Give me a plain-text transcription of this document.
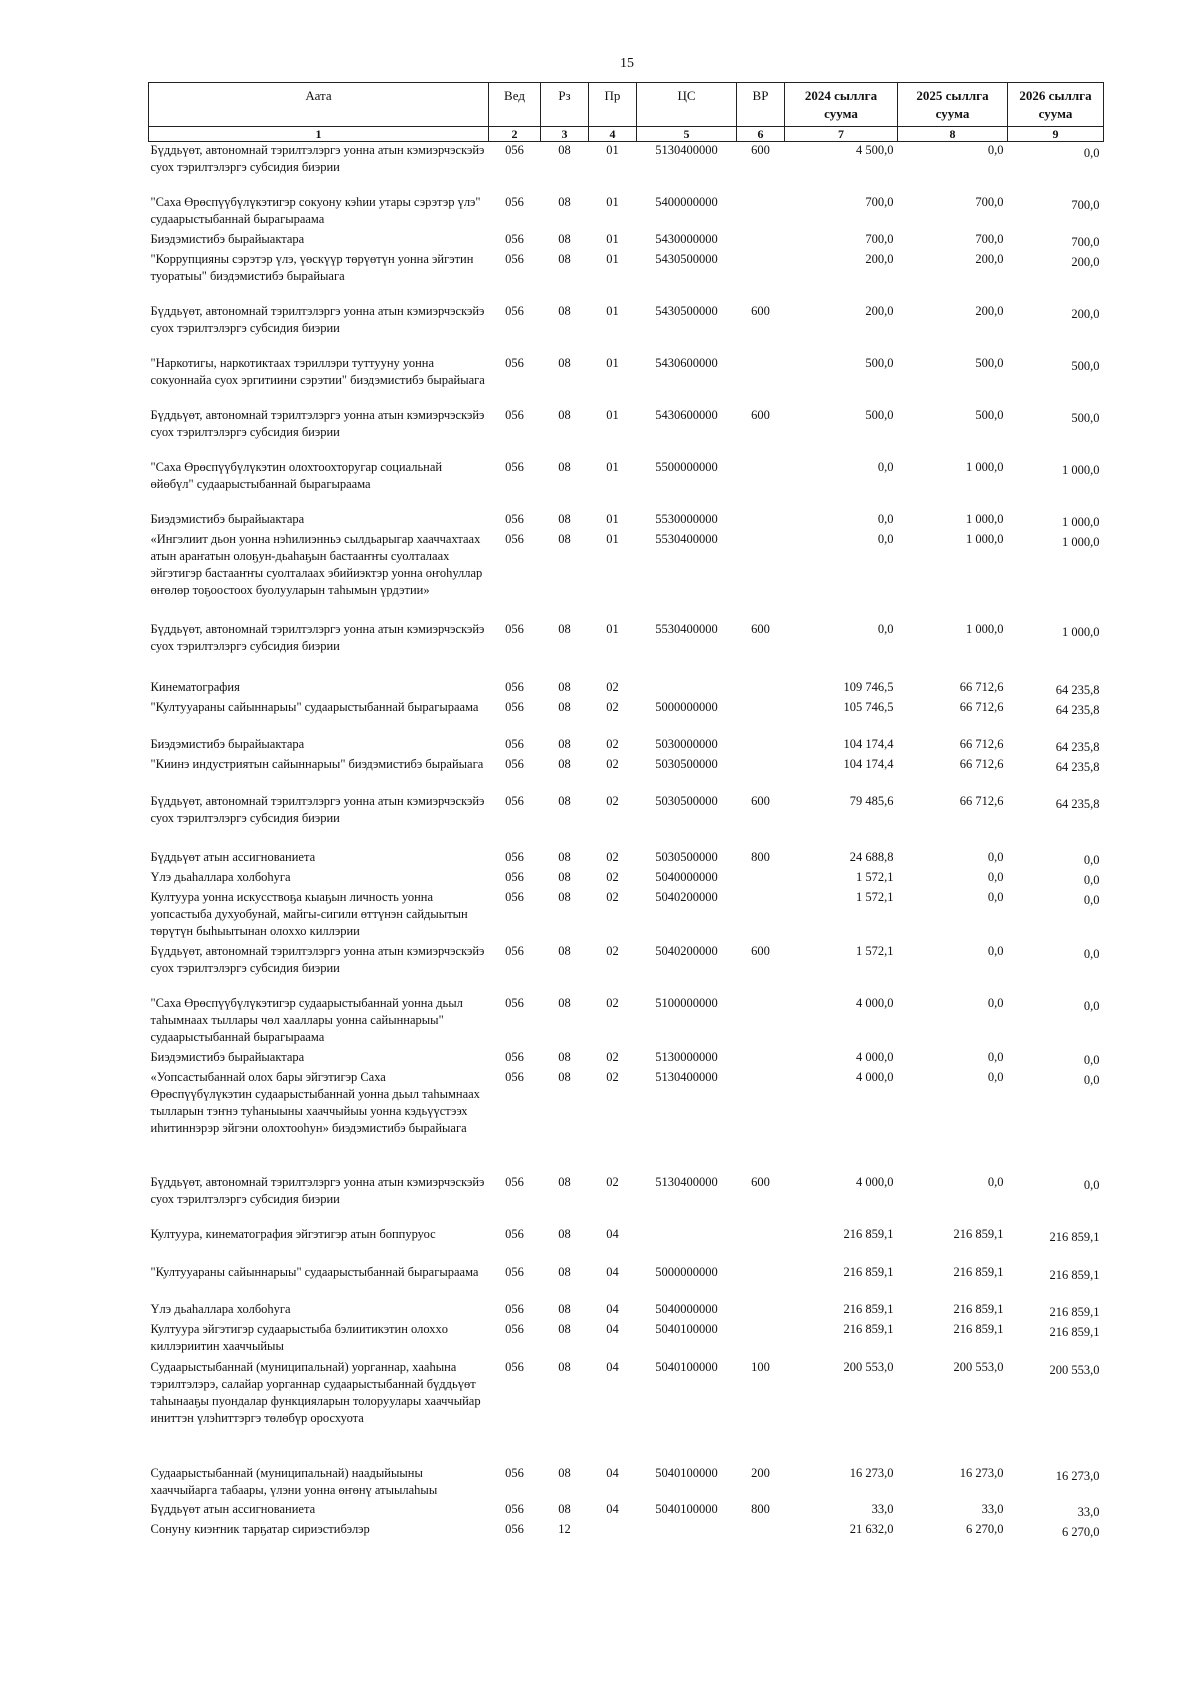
15
Аата	Вед	Рз	Пр	ЦС	ВР	2024 сыллга суума	2025 сыллга суума	2026 сыллга суума
1	2	3	4	5	6	7	8	9
Бүддьүөт, автономнай тэрилтэлэргэ уонна атын кэмиэрчэскэйэ суох тэрилтэлэргэ субсидия биэрии	056	08	01	5130400000	600	4 500,0	0,0	0,0
"Саха Өрөспүүбүлүкэтигэр сокуону кэһии утары сэрэтэр үлэ" судаарыстыбаннай бырагыраама	056	08	01	5400000000		700,0	700,0	700,0
Биэдэмистибэ бырайыактара	056	08	01	5430000000		700,0	700,0	700,0
"Коррупцияны сэрэтэр үлэ, үөскүүр төрүөтүн уонна эйгэтин туоратыы" биэдэмистибэ бырайыага	056	08	01	5430500000		200,0	200,0	200,0
Бүддьүөт, автономнай тэрилтэлэргэ уонна атын кэмиэрчэскэйэ суох тэрилтэлэргэ субсидия биэрии	056	08	01	5430500000	600	200,0	200,0	200,0
"Наркотигы, наркотиктаах тэриллэри туттууну уонна сокуоннайа суох эргитиини сэрэтии" биэдэмистибэ бырайыага	056	08	01	5430600000		500,0	500,0	500,0
Бүддьүөт, автономнай тэрилтэлэргэ уонна атын кэмиэрчэскэйэ суох тэрилтэлэргэ субсидия биэрии	056	08	01	5430600000	600	500,0	500,0	500,0
"Саха Өрөспүүбүлүкэтин олохтоохторугар социальнай өйөбүл" судаарыстыбаннай бырагыраама	056	08	01	5500000000		0,0	1 000,0	1 000,0
Биэдэмистибэ бырайыактара	056	08	01	5530000000		0,0	1 000,0	1 000,0
«Ингэлиит дьон уонна нэһилиэнньэ сылдьарыгар хааччахтаах атын араҥатын олоҕун-дьаһаҕын бастааҥҥы суолталаах эйгэтигэр бастааҥҥы суолталаах эбийиэктэр уонна оҥоһуллар өҥөлөр тоҕоостоох буолууларын таһымын үрдэтии»	056	08	01	5530400000		0,0	1 000,0	1 000,0
Бүддьүөт, автономнай тэрилтэлэргэ уонна атын кэмиэрчэскэйэ суох тэрилтэлэргэ субсидия биэрии	056	08	01	5530400000	600	0,0	1 000,0	1 000,0
Кинематография	056	08	02			109 746,5	66 712,6	64 235,8
"Култууараны сайыннарыы" судаарыстыбаннай бырагыраама	056	08	02	5000000000		105 746,5	66 712,6	64 235,8
Биэдэмистибэ бырайыактара	056	08	02	5030000000		104 174,4	66 712,6	64 235,8
"Киинэ индустриятын сайыннарыы" биэдэмистибэ бырайыага	056	08	02	5030500000		104 174,4	66 712,6	64 235,8
Бүддьүөт, автономнай тэрилтэлэргэ уонна атын кэмиэрчэскэйэ суох тэрилтэлэргэ субсидия биэрии	056	08	02	5030500000	600	79 485,6	66 712,6	64 235,8
Бүддьүөт атын ассигнованиета	056	08	02	5030500000	800	24 688,8	0,0	0,0
Үлэ дьаһаллара холбоһуга	056	08	02	5040000000		1 572,1	0,0	0,0
Култуура уонна искусствоҕа кыаҕын личность уонна уопсастыба духуобунай, майгы-сигили өттүнэн сайдыытын төрүтүн быһыытынан олоххо киллэрии	056	08	02	5040200000		1 572,1	0,0	0,0
Бүддьүөт, автономнай тэрилтэлэргэ уонна атын кэмиэрчэскэйэ суох тэрилтэлэргэ субсидия биэрии	056	08	02	5040200000	600	1 572,1	0,0	0,0
"Саха Өрөспүүбүлүкэтигэр судаарыстыбаннай уонна дьыл таһымнаах тыллары чөл хааллары уонна сайыннарыы" судаарыстыбаннай бырагыраама	056	08	02	5100000000		4 000,0	0,0	0,0
Биэдэмистибэ бырайыактара	056	08	02	5130000000		4 000,0	0,0	0,0
«Уопсастыбаннай олох бары эйгэтигэр Саха Өрөспүүбүлүкэтин судаарыстыбаннай уонна дьыл таһымнаах тылларын тэҥнэ туһаныыны хааччыйыы уонна кэдьүүстээх иһитиннэрэр эйгэни олохтооһун» биэдэмистибэ бырайыага	056	08	02	5130400000		4 000,0	0,0	0,0
Бүддьүөт, автономнай тэрилтэлэргэ уонна атын кэмиэрчэскэйэ суох тэрилтэлэргэ субсидия биэрии	056	08	02	5130400000	600	4 000,0	0,0	0,0
Култуура, кинематография эйгэтигэр атын боппуруос	056	08	04			216 859,1	216 859,1	216 859,1
"Култууараны сайыннарыы" судаарыстыбаннай бырагыраама	056	08	04	5000000000		216 859,1	216 859,1	216 859,1
Үлэ дьаһаллара холбоһуга	056	08	04	5040000000		216 859,1	216 859,1	216 859,1
Култуура эйгэтигэр судаарыстыба бэлиитикэтин олохxo киллэриитин хааччыйыы	056	08	04	5040100000		216 859,1	216 859,1	216 859,1
Судаарыстыбаннай (муниципальнай) уорганнар, хааһына тэрилтэлэрэ, салайар уорганнар судаарыстыбаннай бүддьүөт таһынааҕы пуондалар функцияларын толоруулары хааччыйар иниттэн үлэһиттэргэ төлөбүр оросхуота	056	08	04	5040100000	100	200 553,0	200 553,0	200 553,0
Судаарыстыбаннай (муниципальнай) наадыйыыны хааччыйарга табаары, үлэни уонна өҥөнү атыылаһыы	056	08	04	5040100000	200	16 273,0	16 273,0	16 273,0
Бүддьүөт атын ассигнованиета	056	08	04	5040100000	800	33,0	33,0	33,0
Сонуну киэҥник тарҕатар сириэстибэлэр	056	12				21 632,0	6 270,0	6 270,0
